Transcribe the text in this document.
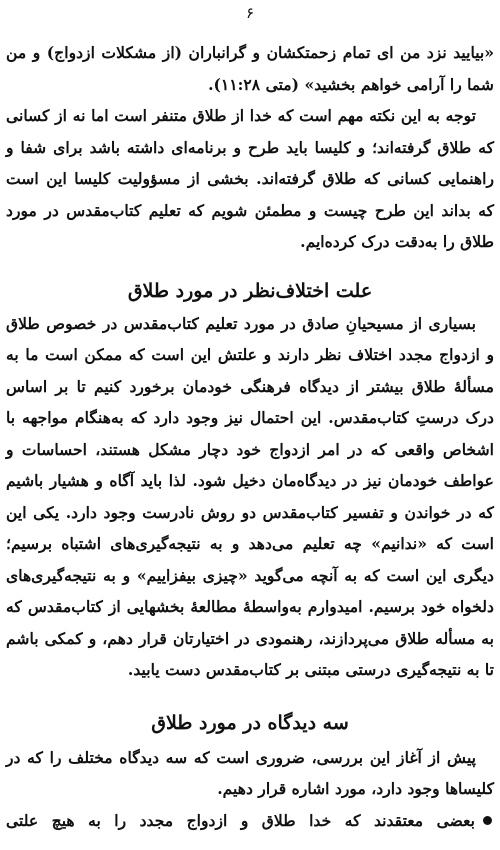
۶

«بیایید نزد من ای تمام زحمتکشان و گرانباران (از مشکلات ازدواج) و من شما را آرامی خواهم بخشید» (متی ۱۱:۲۸).

توجه به این نکته مهم است که خدا از طلاق متنفر است اما نه از کسانی که طلاق گرفته‌اند؛ و کلیسا باید طرح و برنامه‌ای داشته باشد برای شفا و راهنمایی کسانی که طلاق گرفته‌اند. بخشی از مسؤولیت کلیسا این است که بداند این طرح چیست و مطمئن شویم که تعلیم کتاب‌مقدس در مورد طلاق را به‌دقت درک کرده‌ایم.

علت اختلاف‌نظر در مورد طلاق

بسیاری از مسیحیانِ صادق در مورد تعلیم کتاب‌مقدس در خصوص طلاق و ازدواج مجدد اختلاف نظر دارند و علتش این است که ممکن است ما به مسألهٔ طلاق بیشتر از دیدگاه فرهنگی خودمان برخورد کنیم تا بر اساس درک درستِ کتاب‌مقدس. این احتمال نیز وجود دارد که به‌هنگام مواجهه با اشخاص واقعی که در امر ازدواج خود دچار مشکل هستند، احساسات و عواطف خودمان نیز در دیدگاه‌مان دخیل شود. لذا باید آگاه و هشیار باشیم که در خواندن و تفسیر کتاب‌مقدس دو روش نادرست وجود دارد. یکی این است که «ندانیم» چه تعلیم می‌دهد و به نتیجه‌گیری‌های اشتباه برسیم؛ دیگری این است که به آنچه می‌گوید «چیزی بیفزاییم» و به نتیجه‌گیری‌های دلخواه خود برسیم. امیدوارم به‌واسطهٔ مطالعهٔ بخشهایی از کتاب‌مقدس که به مسأله طلاق می‌پردازند، رهنمودی در اختیارتان قرار دهم، و کمکی باشم تا به نتیجه‌گیری درستی مبتنی بر کتاب‌مقدس دست یابید.

سه دیدگاه در مورد طلاق

پیش از آغاز این بررسی، ضروری است که سه دیدگاه مختلف را که در کلیساها وجود دارد، مورد اشاره قرار دهیم.

بعضی معتقدند که خدا طلاق و ازدواج مجدد را به هیچ علتی
